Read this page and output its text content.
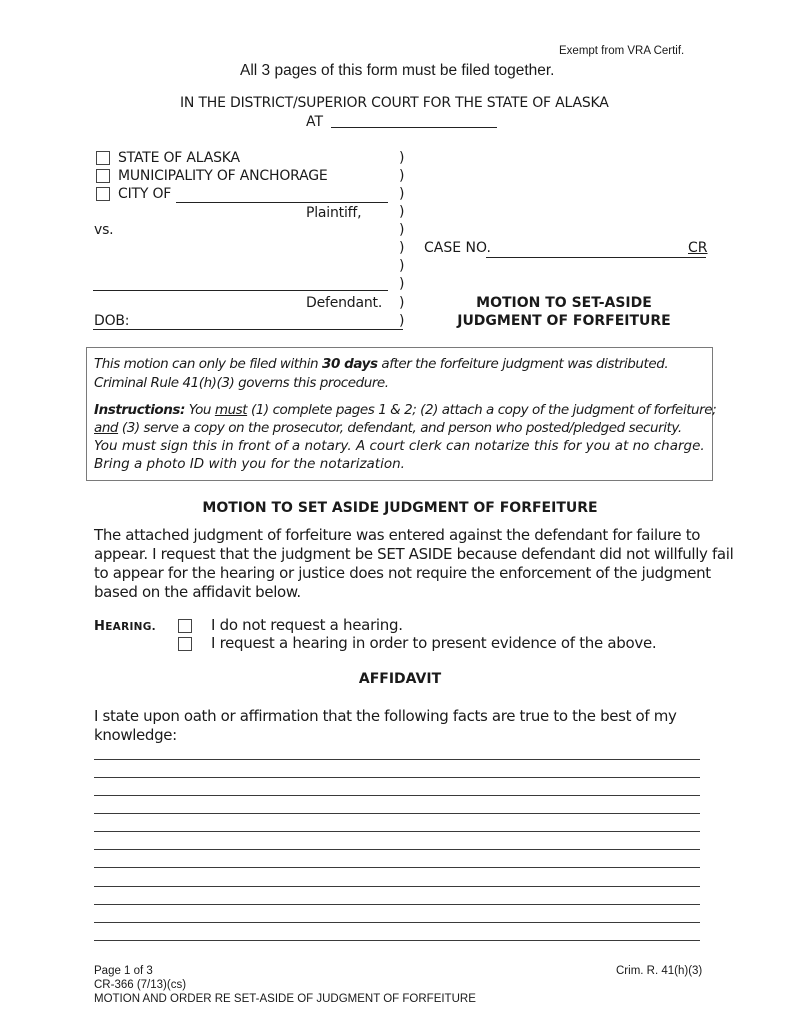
Exempt from VRA Certif.
All 3 pages of this form must be filed together.
IN THE DISTRICT/SUPERIOR COURT FOR THE STATE OF ALASKA
AT
STATE OF ALASKA
MUNICIPALITY OF ANCHORAGE
CITY OF
Plaintiff,
vs.
Defendant.
DOB:
)
)
)
)
)
)
)
)
)
)
CASE NO.	CR
MOTION TO SET-ASIDE
JUDGMENT OF FORFEITURE
This motion can only be filed within 30 days after the forfeiture judgment was distributed.
Criminal Rule 41(h)(3) governs this procedure.
Instructions: You must (1) complete pages 1 & 2; (2) attach a copy of the judgment of forfeiture;
and (3) serve a copy on the prosecutor, defendant, and person who posted/pledged security.
You must sign this in front of a notary. A court clerk can notarize this for you at no charge.
Bring a photo ID with you for the notarization.
MOTION TO SET ASIDE JUDGMENT OF FORFEITURE
The attached judgment of forfeiture was entered against the defendant for failure to
appear. I request that the judgment be SET ASIDE because defendant did not willfully fail
to appear for the hearing or justice does not require the enforcement of the judgment
based on the affidavit below.
HEARING.	I do not request a hearing.
I request a hearing in order to present evidence of the above.
AFFIDAVIT
I state upon oath or affirmation that the following facts are true to the best of my
knowledge:
Page 1 of 3
CR-366 (7/13)(cs)
MOTION AND ORDER RE SET-ASIDE OF JUDGMENT OF FORFEITURE
Crim. R. 41(h)(3)
